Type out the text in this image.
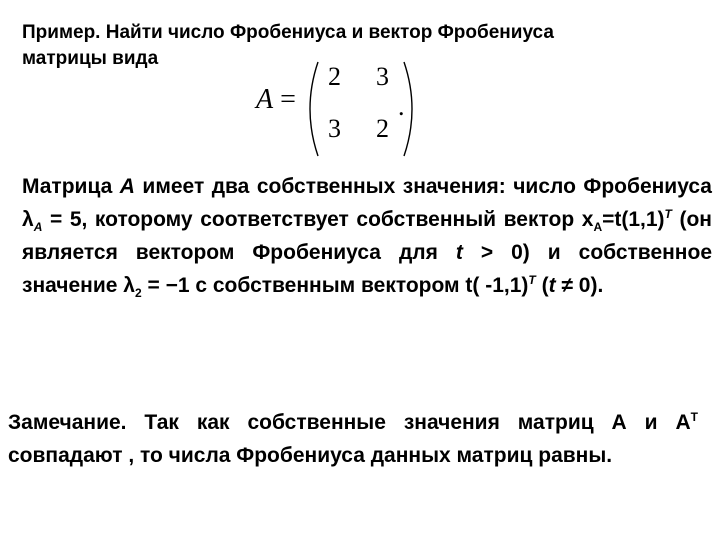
Пример. Найти число Фробениуса и вектор Фробениуса
матрицы вида
A =
2 3
3 2
.
Матрица A имеет два собственных значения: число Фробениуса $\lambda_A = 5$, которому соответствует собственный вектор $x_A=t(1,1)^T$ (он является вектором Фробениуса для t > 0) и собственное значение $\lambda_2 = -1$ с собственным вектором t( -1,1)$^T$ (t ≠ 0).
Замечание. Так как собственные значения матриц А и $А^T$ совпадают , то числа Фробениуса данных матриц равны.
